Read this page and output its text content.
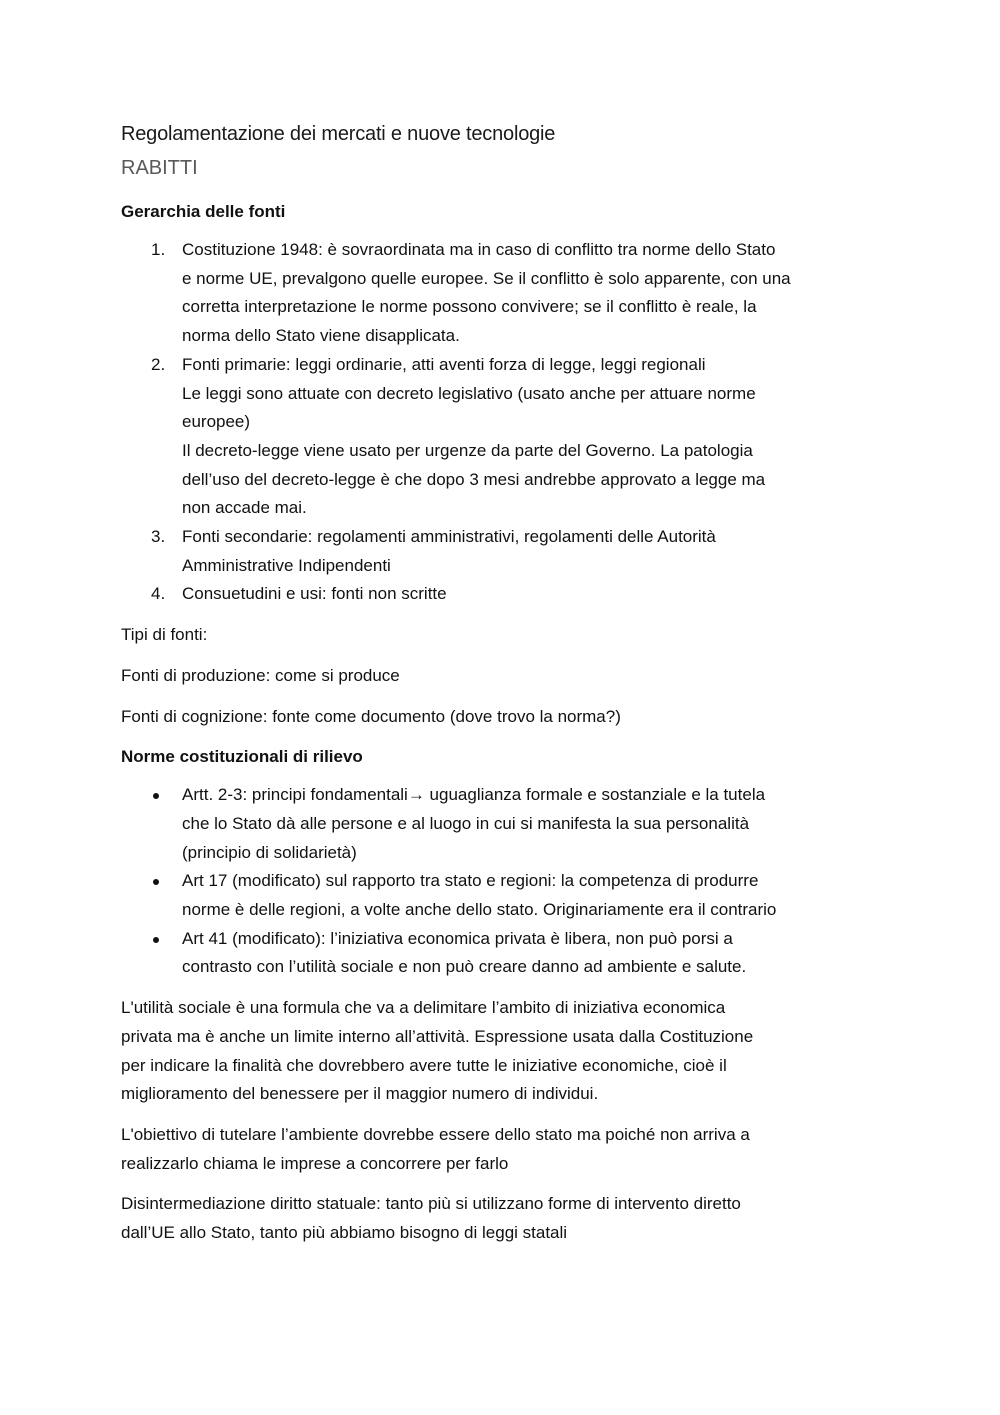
Regolamentazione dei mercati e nuove tecnologie
RABITTI
Gerarchia delle fonti
1. Costituzione 1948: è sovraordinata ma in caso di conflitto tra norme dello Stato
e norme UE, prevalgono quelle europee. Se il conflitto è solo apparente, con una
corretta interpretazione le norme possono convivere; se il conflitto è reale, la
norma dello Stato viene disapplicata.
2. Fonti primarie: leggi ordinarie, atti aventi forza di legge, leggi regionali
Le leggi sono attuate con decreto legislativo (usato anche per attuare norme
europee)
Il decreto-legge viene usato per urgenze da parte del Governo. La patologia
dell’uso del decreto-legge è che dopo 3 mesi andrebbe approvato a legge ma
non accade mai.
3. Fonti secondarie: regolamenti amministrativi, regolamenti delle Autorità
Amministrative Indipendenti
4. Consuetudini e usi: fonti non scritte

Tipi di fonti:

Fonti di produzione: come si produce

Fonti di cognizione: fonte come documento (dove trovo la norma?)

Norme costituzionali di rilievo
Artt. 2-3: principi fondamentali→ uguaglianza formale e sostanziale e la tutela
che lo Stato dà alle persone e al luogo in cui si manifesta la sua personalità
(principio di solidarietà)
Art 17 (modificato) sul rapporto tra stato e regioni: la competenza di produrre
norme è delle regioni, a volte anche dello stato. Originariamente era il contrario
Art 41 (modificato): l’iniziativa economica privata è libera, non può porsi a
contrasto con l’utilità sociale e non può creare danno ad ambiente e salute.

L'utilità sociale è una formula che va a delimitare l’ambito di iniziativa economica
privata ma è anche un limite interno all’attività. Espressione usata dalla Costituzione
per indicare la finalità che dovrebbero avere tutte le iniziative economiche, cioè il
miglioramento del benessere per il maggior numero di individui.

L'obiettivo di tutelare l’ambiente dovrebbe essere dello stato ma poiché non arriva a
realizzarlo chiama le imprese a concorrere per farlo

Disintermediazione diritto statuale: tanto più si utilizzano forme di intervento diretto
dall’UE allo Stato, tanto più abbiamo bisogno di leggi statali
